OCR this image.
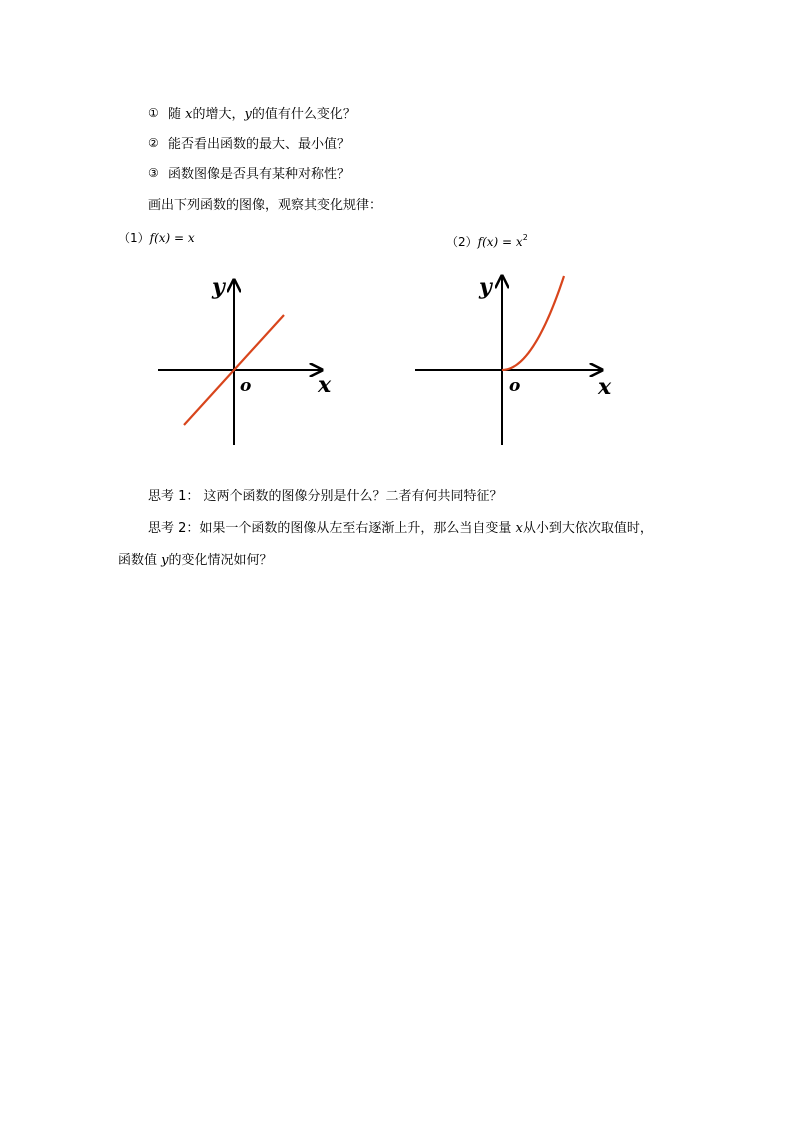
① 随 x的增大，y的值有什么变化？
② 能否看出函数的最大、最小值？
③ 函数图像是否具有某种对称性？
画出下列函数的图像，观察其变化规律：
（1）f(x) = x	$(2)f(x) = x^2$
y
x
o
y
x
o
思考 1： 这两个函数的图像分别是什么？二者有何共同特征？
思考 2：如果一个函数的图像从左至右逐渐上升，那么当自变量 x从小到大依次取值时，
函数值 y的变化情况如何？
